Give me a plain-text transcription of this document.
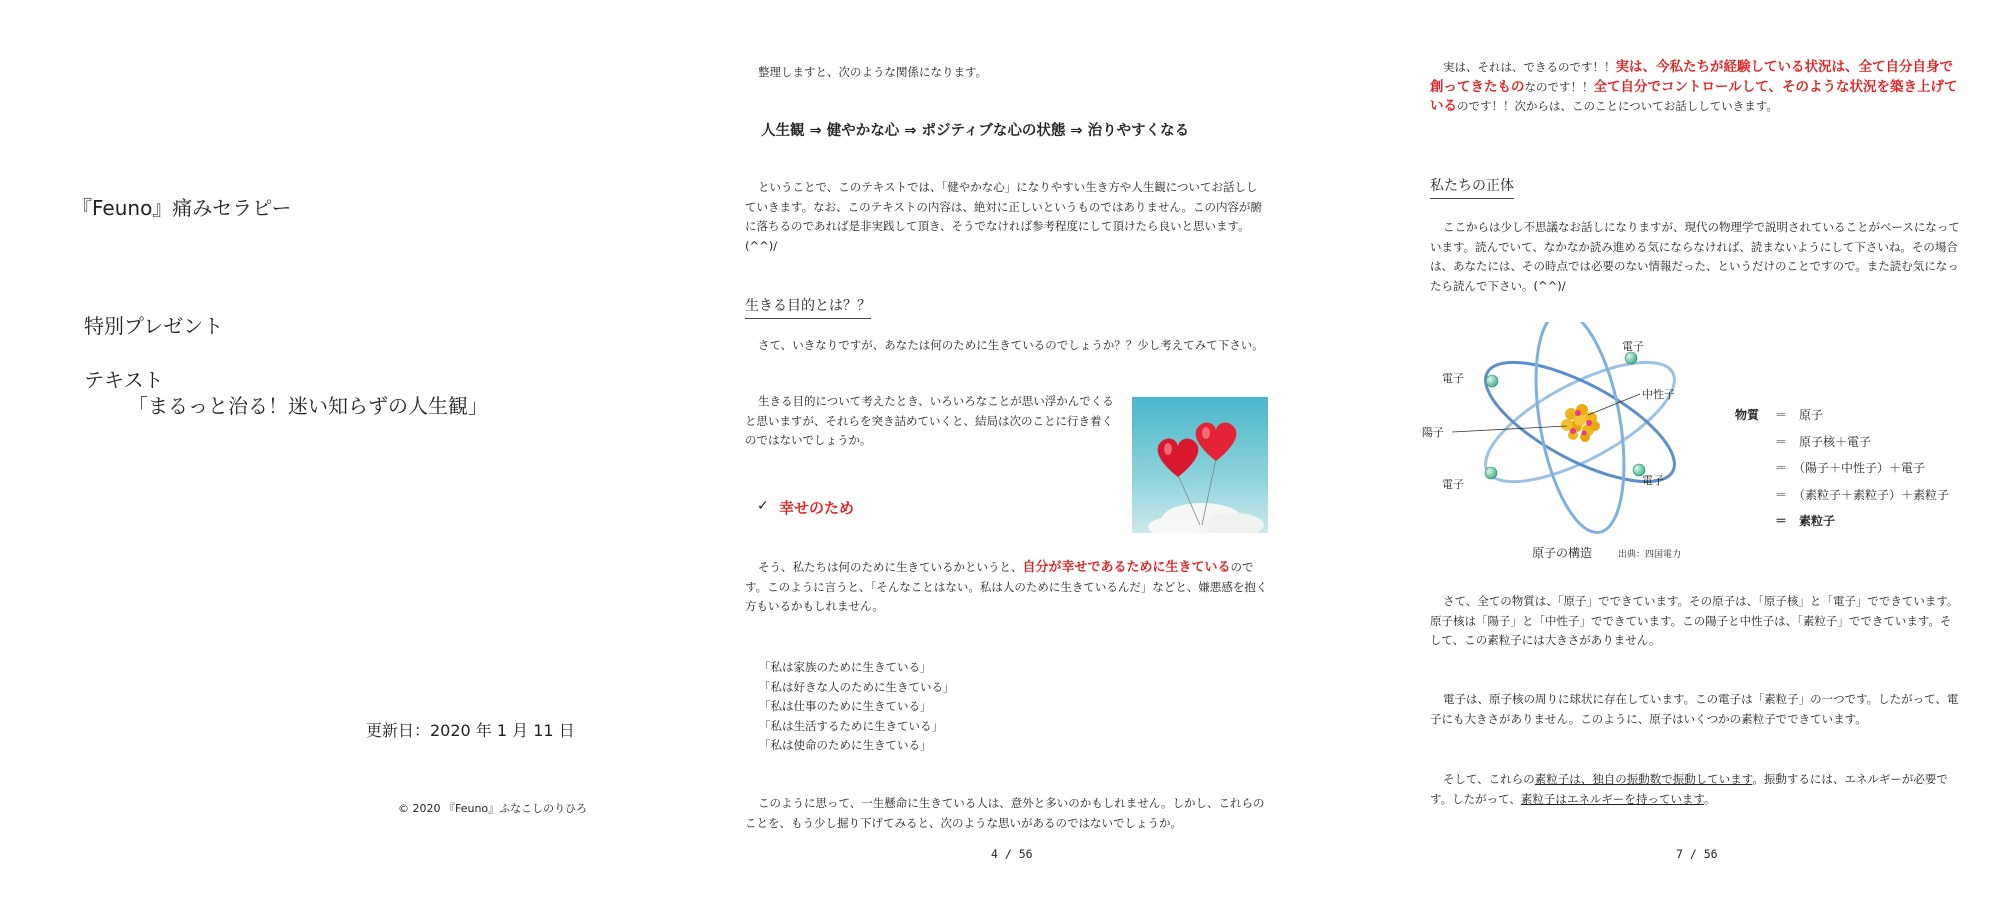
『Feuno』痛みセラピー
特別プレゼント
テキスト
「まるっと治る！迷い知らずの人生観」
更新日：2020 年 1 月 11 日
© 2020 『Feuno』ふなこしのりひろ
整理しますと、次のような関係になります。
人生観 ⇒ 健やかな心 ⇒ ポジティブな心の状態 ⇒ 治りやすくなる
ということで、このテキストでは、「健やかな心」になりやすい生き方や人生観についてお話ししていきます。なお、このテキストの内容は、絶対に正しいというものではありません。この内容が腑に落ちるのであれば是非実践して頂き、そうでなければ参考程度にして頂けたら良いと思います。(^^)/
生きる目的とは？？
さて、いきなりですが、あなたは何のために生きているのでしょうか？？少し考えてみて下さい。
生きる目的について考えたとき、いろいろなことが思い浮かんでくると思いますが、それらを突き詰めていくと、結局は次のことに行き着くのではないでしょうか。
✓ 幸せのため
そう、私たちは何のために生きているかというと、自分が幸せであるために生きているのです。このように言うと、「そんなことはない。私は人のために生きているんだ」などと、嫌悪感を抱く方もいるかもしれません。
「私は家族のために生きている」
「私は好きな人のために生きている」
「私は仕事のために生きている」
「私は生活するために生きている」
「私は使命のために生きている」
このように思って、一生懸命に生きている人は、意外と多いのかもしれません。しかし、これらのことを、もう少し掘り下げてみると、次のような思いがあるのではないでしょうか。
4 / 56
実は、それは、できるのです！！実は、今私たちが経験している状況は、全て自分自身で創ってきたものなのです！！全て自分でコントロールして、そのような状況を築き上げているのです！！次からは、このことについてお話ししていきます。
私たちの正体
ここからは少し不思議なお話しになりますが、現代の物理学で説明されていることがベースになっています。読んでいて、なかなか読み進める気にならなければ、読まないようにして下さいね。その場合は、あなたには、その時点では必要のない情報だった、というだけのことですので。また読む気になったら読んで下さい。(^^)/
電子
電子
中性子
陽子
電子	電子
原子の構造	出典：四国電力
物質 ＝　原子
＝　原子核＋電子
＝　（陽子＋中性子）＋電子
＝　（素粒子＋素粒子）＋素粒子
＝　素粒子
さて、全ての物質は、「原子」でできています。その原子は、「原子核」と「電子」でできています。原子核は「陽子」と「中性子」でできています。この陽子と中性子は、「素粒子」でできています。そして、この素粒子には大きさがありません。
電子は、原子核の周りに球状に存在しています。この電子は「素粒子」の一つです。したがって、電子にも大きさがありません。このように、原子はいくつかの素粒子でできています。
そして、これらの素粒子は、独自の振動数で振動しています。振動するには、エネルギーが必要です。したがって、素粒子はエネルギーを持っています。
7 / 56
